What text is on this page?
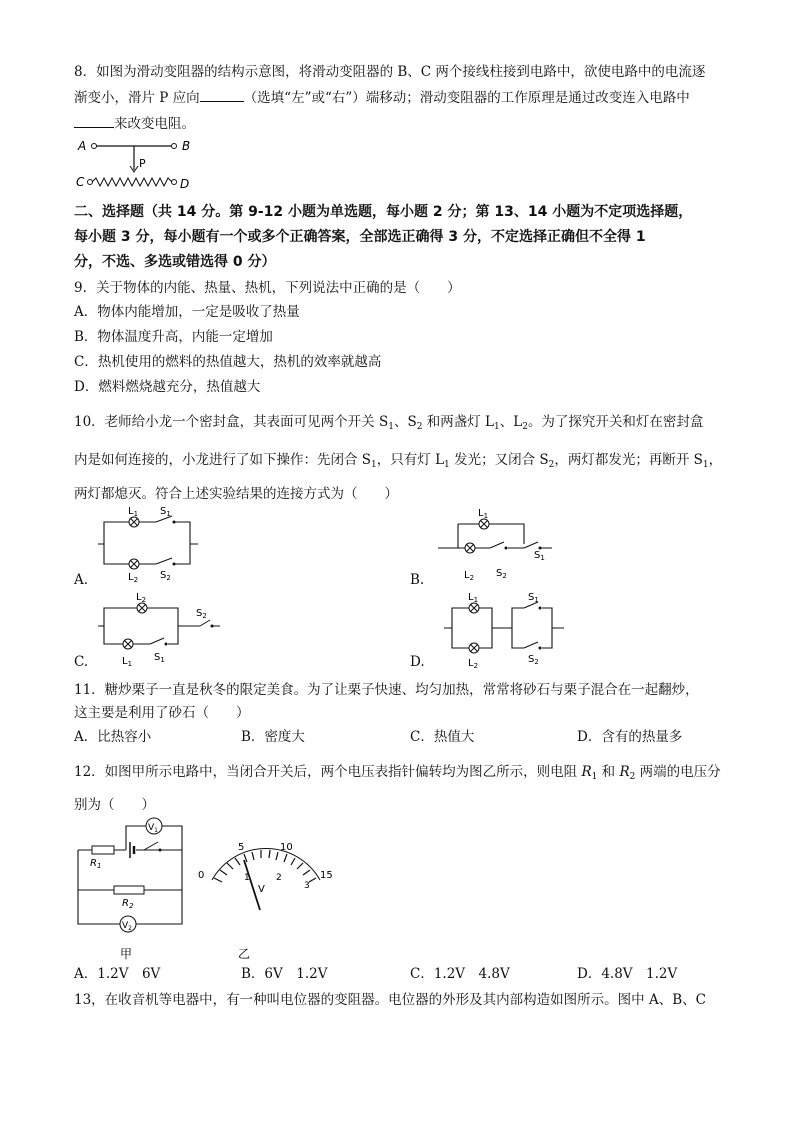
8．如图为滑动变阻器的结构示意图，将滑动变阻器的 B、C 两个接线柱接到电路中，欲使电路中的电流逐
渐变小，滑片 P 应向	（选填“左”或“右”）端移动；滑动变阻器的工作原理是通过改变连入电路中
来改变电阻。
A	B
P
C	D
二、选择题（共 14 分。第 9-12 小题为单选题，每小题 2 分；第 13、14 小题为不定项选择题，
每小题 3 分，每小题有一个或多个正确答案，全部选正确得 3 分，不定选择正确但不全得 1
分，不选、多选或错选得 0 分）
9．关于物体的内能、热量、热机，下列说法中正确的是（　　）
A．物体内能增加，一定是吸收了热量
B．物体温度升高，内能一定增加
C．热机使用的燃料的热值越大，热机的效率就越高
D．燃料燃烧越充分，热值越大
10．老师给小龙一个密封盒，其表面可见两个开关 $S_1$、$S_2$ 和两盏灯 $L_1$、$L_2$。为了探究开关和灯在密封盒
内是如何连接的，小龙进行了如下操作：先闭合 $S_1$，只有灯 $L_1$ 发光；又闭合 $S_2$，两灯都发光；再断开 $S_1$，
两灯都熄灭。符合上述实验结果的连接方式为（　　）
$L_1$ $S_1$
$L_2$ $S_2$
A.
$L_1$
$S_1$
$L_2$ $S_2$
B.
$L_2$
$S_2$
$L_1$
$S_1$
C.
$L_1$	$S_1$
$L_2$
$S_2$
D.
11．糖炒栗子一直是秋冬的限定美食。为了让栗子快速、均匀加热，常常将砂石与栗子混合在一起翻炒，
这主要是利用了砂石（　　）
A．比热容小	B．密度大	C．热值大	D．含有的热量多
12．如图甲所示电路中，当闭合开关后，两个电压表指针偏转均为图乙所示，则电阻 $R_1$ 和 $R_2$ 两端的电压分
别为（　　）
$V_1$
$V_2$
$R_1$
$R_2$
甲
0
5	10
15
1	2
3
V
乙
A．1.2V　6V	B．6V　1.2V	C．1.2V　4.8V	D．4.8V　1.2V
13，在收音机等电器中，有一种叫电位器的变阻器。电位器的外形及其内部构造如图所示。图中 A、B、C
